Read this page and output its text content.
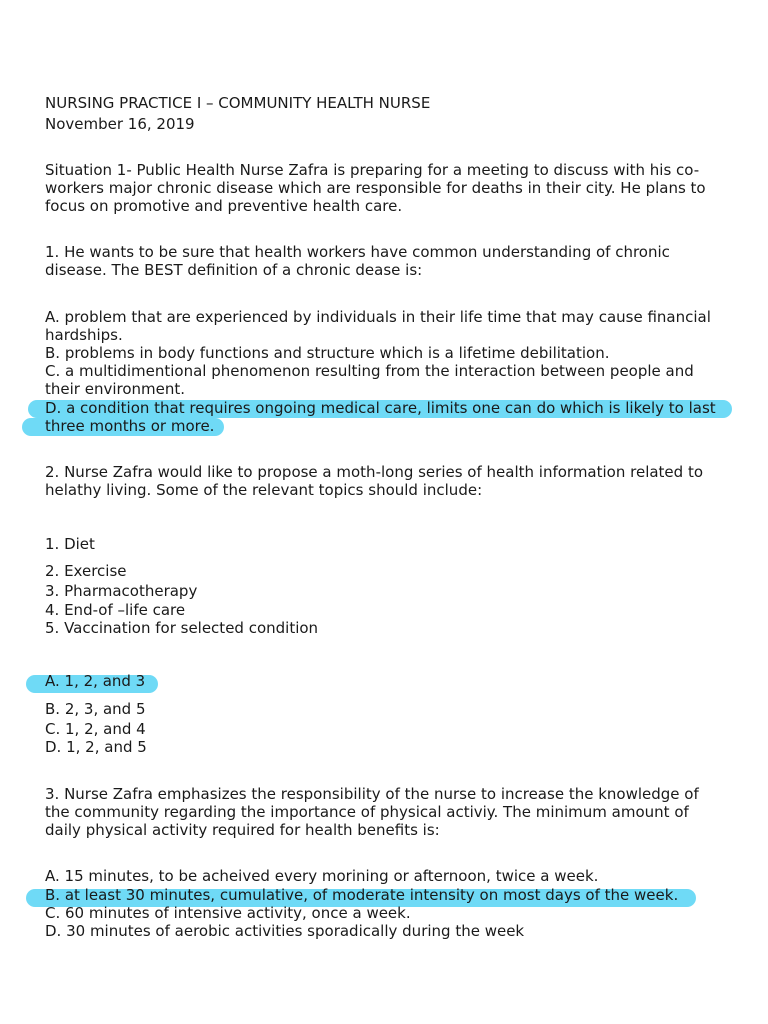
NURSING PRACTICE I – COMMUNITY HEALTH NURSE
November 16, 2019
Situation 1- Public Health Nurse Zafra is preparing for a meeting to discuss with his co-
workers major chronic disease which are responsible for deaths in their city. He plans to
focus on promotive and preventive health care.
1. He wants to be sure that health workers have common understanding of chronic
disease. The BEST definition of a chronic dease is:
A. problem that are experienced by individuals in their life time that may cause financial
hardships.
B. problems in body functions and structure which is a lifetime debilitation.
C. a multidimentional phenomenon resulting from the interaction between people and
their environment.
D. a condition that requires ongoing medical care, limits one can do which is likely to last
three months or more.
2. Nurse Zafra would like to propose a moth-long series of health information related to
helathy living. Some of the relevant topics should include:
1. Diet
2. Exercise
3. Pharmacotherapy
4. End-of –life care
5. Vaccination for selected condition
A. 1, 2, and 3
B. 2, 3, and 5
C. 1, 2, and 4
D. 1, 2, and 5
3. Nurse Zafra emphasizes the responsibility of the nurse to increase the knowledge of
the community regarding the importance of physical activiy. The minimum amount of
daily physical activity required for health benefits is:
A. 15 minutes, to be acheived every morining or afternoon, twice a week.
B. at least 30 minutes, cumulative, of moderate intensity on most days of the week.
C. 60 minutes of intensive activity, once a week.
D. 30 minutes of aerobic activities sporadically during the week
